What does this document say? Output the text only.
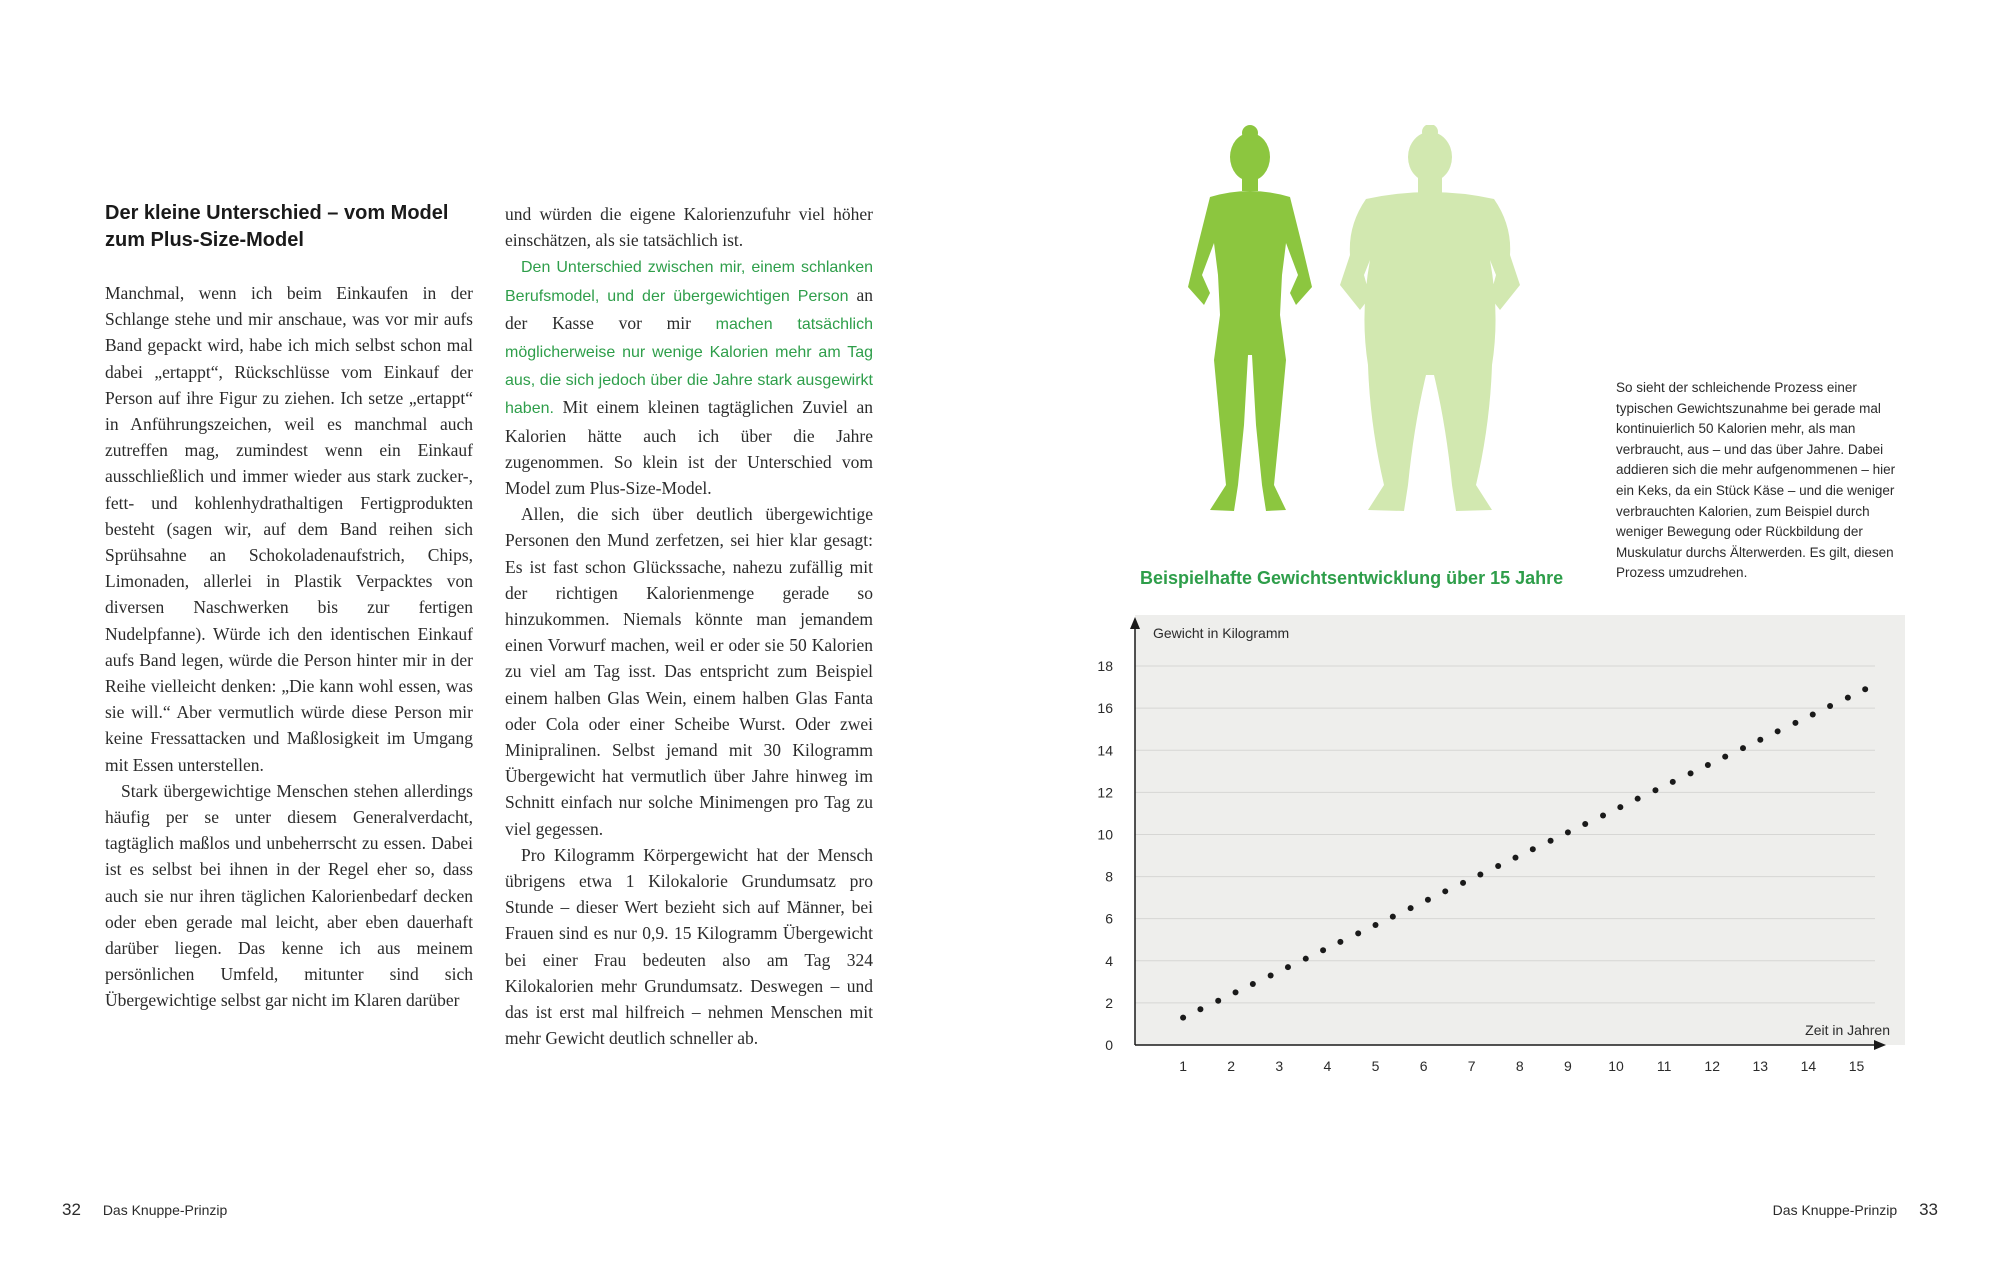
Der kleine Unterschied – vom Model zum Plus-Size-Model

Manchmal, wenn ich beim Einkaufen in der Schlange stehe und mir anschaue, was vor mir aufs Band gepackt wird, habe ich mich selbst schon mal dabei „ertappt“, Rückschlüsse vom Einkauf der Person auf ihre Figur zu ziehen. Ich setze „ertappt“ in Anführungszeichen, weil es manchmal auch zutreffen mag, zumindest wenn ein Einkauf ausschließlich und immer wieder aus stark zucker-, fett- und kohlenhydrathaltigen Fertigprodukten besteht (sagen wir, auf dem Band reihen sich Sprühsahne an Schokoladenaufstrich, Chips, Limonaden, allerlei in Plastik Verpacktes von diversen Naschwerken bis zur fertigen Nudelpfanne). Würde ich den identischen Einkauf aufs Band legen, würde die Person hinter mir in der Reihe vielleicht denken: „Die kann wohl essen, was sie will.“ Aber vermutlich würde diese Person mir keine Fressattacken und Maßlosigkeit im Umgang mit Essen unterstellen.

Stark übergewichtige Menschen stehen allerdings häufig per se unter diesem Generalverdacht, tagtäglich maßlos und unbeherrscht zu essen. Dabei ist es selbst bei ihnen in der Regel eher so, dass auch sie nur ihren täglichen Kalorienbedarf decken oder eben gerade mal leicht, aber eben dauerhaft darüber liegen. Das kenne ich aus meinem persönlichen Umfeld, mitunter sind sich Übergewichtige selbst gar nicht im Klaren darüber

und würden die eigene Kalorienzufuhr viel höher einschätzen, als sie tatsächlich ist.

Den Unterschied zwischen mir, einem schlanken Berufsmodel, und der übergewichtigen Person an der Kasse vor mir machen tatsächlich möglicherweise nur wenige Kalorien mehr am Tag aus, die sich jedoch über die Jahre stark ausgewirkt haben. Mit einem kleinen tagtäglichen Zuviel an Kalorien hätte auch ich über die Jahre zugenommen. So klein ist der Unterschied vom Model zum Plus-Size-Model.

Allen, die sich über deutlich übergewichtige Personen den Mund zerfetzen, sei hier klar gesagt: Es ist fast schon Glückssache, nahezu zufällig mit der richtigen Kalorienmenge gerade so hinzukommen. Niemals könnte man jemandem einen Vorwurf machen, weil er oder sie 50 Kalorien zu viel am Tag isst. Das entspricht zum Beispiel einem halben Glas Wein, einem halben Glas Fanta oder Cola oder einer Scheibe Wurst. Oder zwei Minipralinen. Selbst jemand mit 30 Kilogramm Übergewicht hat vermutlich über Jahre hinweg im Schnitt einfach nur solche Minimengen pro Tag zu viel gegessen.

Pro Kilogramm Körpergewicht hat der Mensch übrigens etwa 1 Kilokalorie Grundumsatz pro Stunde – dieser Wert bezieht sich auf Männer, bei Frauen sind es nur 0,9. 15 Kilogramm Übergewicht bei einer Frau bedeuten also am Tag 324 Kilokalorien mehr Grundumsatz. Deswegen – und das ist erst mal hilfreich – nehmen Menschen mit mehr Gewicht deutlich schneller ab.

32 Das Knuppe-Prinzip
So sieht der schleichende Prozess einer typischen Gewichtszunahme bei gerade mal kontinuierlich 50 Kalorien mehr, als man verbraucht, aus – und das über Jahre. Dabei addieren sich die mehr aufgenommenen – hier ein Keks, da ein Stück Käse – und die weniger verbrauchten Kalorien, zum Beispiel durch weniger Bewegung oder Rückbildung der Muskulatur durchs Älterwerden. Es gilt, diesen Prozess umzudrehen.
Beispielhafte Gewichtsentwicklung über 15 Jahre
0
2
4
6
8
10
12
14
16
18
1	2	3	4	5	6	7	8	9	10 11 12 13 14 15
Gewicht in Kilogramm
Zeit in Jahren
Das Knuppe-Prinzip 33
